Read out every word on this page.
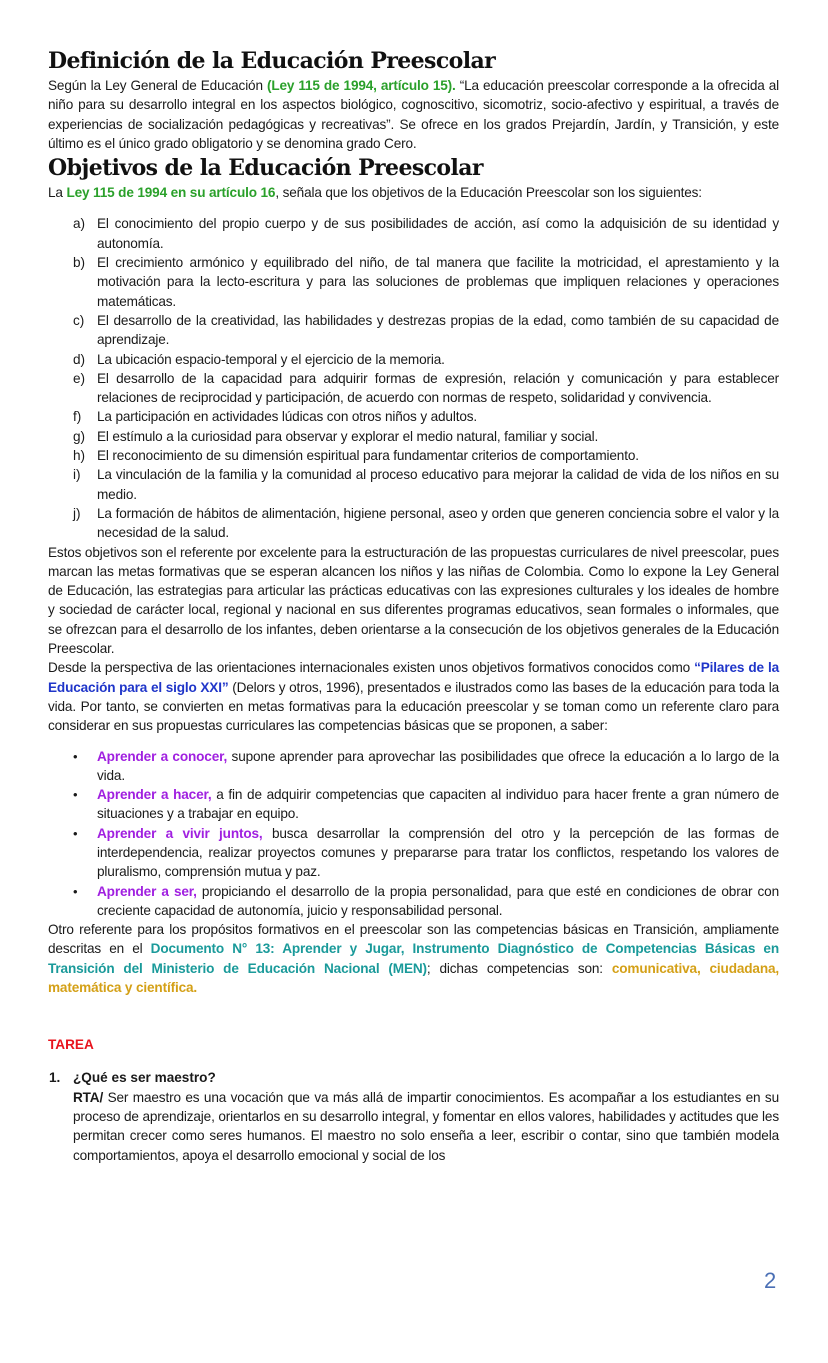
Definición de la Educación Preescolar

Según la Ley General de Educación (Ley 115 de 1994, artículo 15). “La educación preescolar corresponde a la ofrecida al niño para su desarrollo integral en los aspectos biológico, cognoscitivo, sicomotriz, socio-afectivo y espiritual, a través de experiencias de socialización pedagógicas y recreativas”. Se ofrece en los grados Prejardín, Jardín, y Transición, y este último es el único grado obligatorio y se denomina grado Cero.

Objetivos de la Educación Preescolar

La Ley 115 de 1994 en su artículo 16, señala que los objetivos de la Educación Preescolar son los siguientes:

a) El conocimiento del propio cuerpo y de sus posibilidades de acción, así como la adquisición de su identidad y autonomía.
b) El crecimiento armónico y equilibrado del niño, de tal manera que facilite la motricidad, el aprestamiento y la motivación para la lecto-escritura y para las soluciones de problemas que impliquen relaciones y operaciones matemáticas.
c) El desarrollo de la creatividad, las habilidades y destrezas propias de la edad, como también de su capacidad de aprendizaje.
d) La ubicación espacio-temporal y el ejercicio de la memoria.
e) El desarrollo de la capacidad para adquirir formas de expresión, relación y comunicación y para establecer relaciones de reciprocidad y participación, de acuerdo con normas de respeto, solidaridad y convivencia.
f)	La participación en actividades lúdicas con otros niños y adultos.
g) El estímulo a la curiosidad para observar y explorar el medio natural, familiar y social.
h) El reconocimiento de su dimensión espiritual para fundamentar criterios de comportamiento.
i)	La vinculación de la familia y la comunidad al proceso educativo para mejorar la calidad de vida de los niños en su medio.
j)	La formación de hábitos de alimentación, higiene personal, aseo y orden que generen conciencia sobre el valor y la necesidad de la salud.

Estos objetivos son el referente por excelente para la estructuración de las propuestas curriculares de nivel preescolar, pues marcan las metas formativas que se esperan alcancen los niños y las niñas de Colombia. Como lo expone la Ley General de Educación, las estrategias para articular las prácticas educativas con las expresiones culturales y los ideales de hombre y sociedad de carácter local, regional y nacional en sus diferentes programas educativos, sean formales o informales, que se ofrezcan para el desarrollo de los infantes, deben orientarse a la consecución de los objetivos generales de la Educación Preescolar.

Desde la perspectiva de las orientaciones internacionales existen unos objetivos formativos conocidos como “Pilares de la Educación para el siglo XXI” (Delors y otros, 1996), presentados e ilustrados como las bases de la educación para toda la vida. Por tanto, se convierten en metas formativas para la educación preescolar y se toman como un referente claro para considerar en sus propuestas curriculares las competencias básicas que se proponen, a saber:

•	Aprender a conocer, supone aprender para aprovechar las posibilidades que ofrece la educación a lo largo de la vida.
•	Aprender a hacer, a fin de adquirir competencias que capaciten al individuo para hacer frente a gran número de situaciones y a trabajar en equipo.
•	Aprender a vivir juntos, busca desarrollar la comprensión del otro y la percepción de las formas de interdependencia, realizar proyectos comunes y prepararse para tratar los conflictos, respetando los valores de pluralismo, comprensión mutua y paz.
•	Aprender a ser, propiciando el desarrollo de la propia personalidad, para que esté en condiciones de obrar con creciente capacidad de autonomía, juicio y responsabilidad personal.

Otro referente para los propósitos formativos en el preescolar son las competencias básicas en Transición, ampliamente descritas en el Documento N° 13: Aprender y Jugar, Instrumento Diagnóstico de Competencias Básicas en Transición del Ministerio de Educación Nacional (MEN); dichas competencias son: comunicativa, ciudadana, matemática y científica.

TAREA
1. ¿Qué es ser maestro?

RTA/ Ser maestro es una vocación que va más allá de impartir conocimientos. Es acompañar a los estudiantes en su proceso de aprendizaje, orientarlos en su desarrollo integral, y fomentar en ellos valores, habilidades y actitudes que les permitan crecer como seres humanos. El maestro no solo enseña a leer, escribir o contar, sino que también modela comportamientos, apoya el desarrollo emocional y social de los

2
